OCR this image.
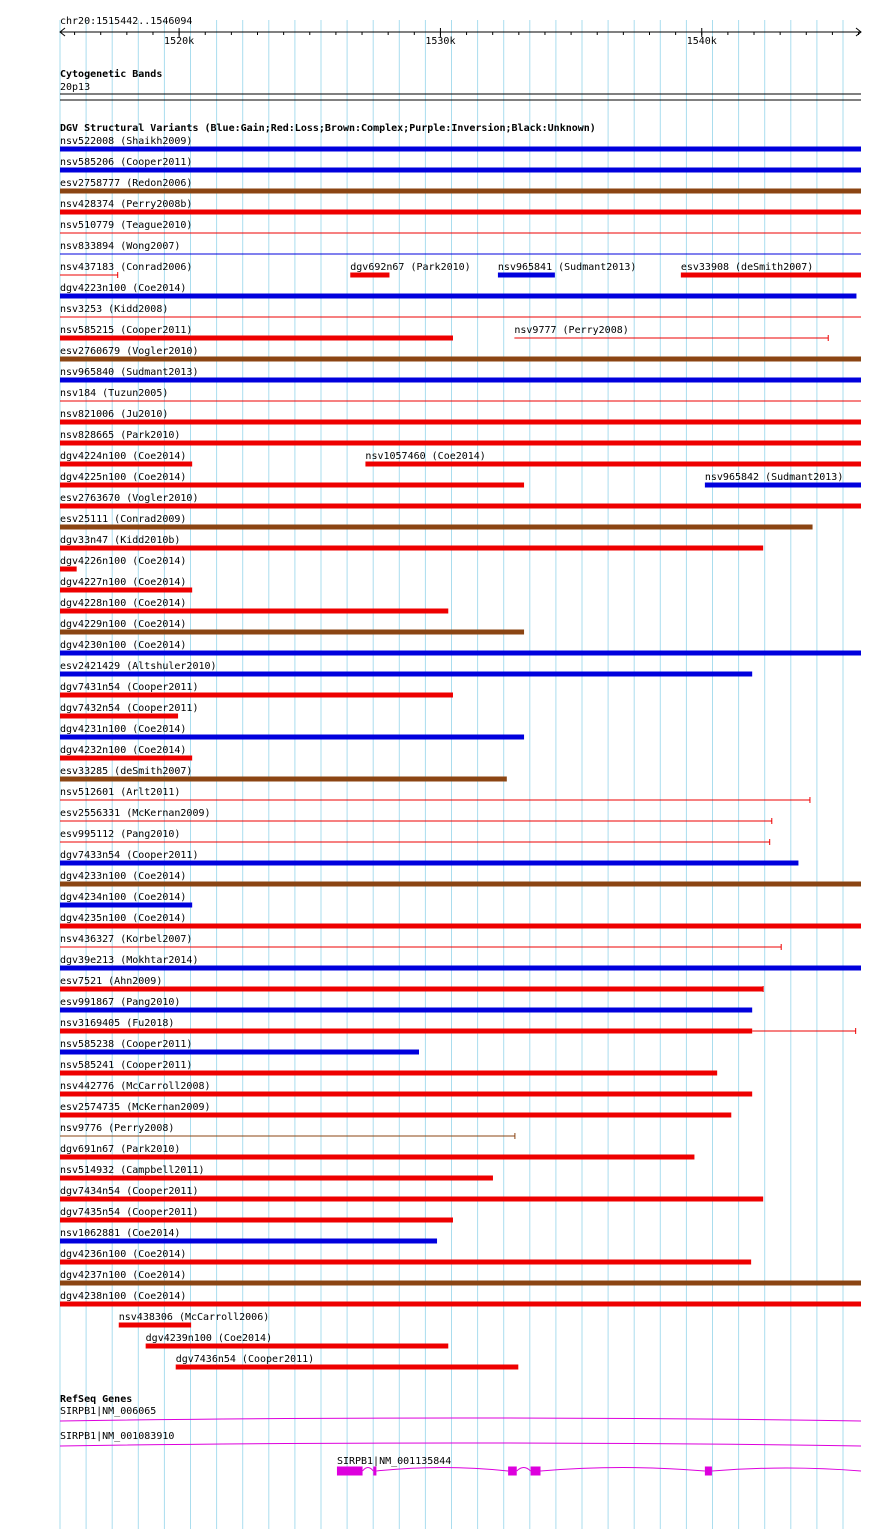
chr20:1515442..1546094
1520k	1530k	1540k
Cytogenetic Bands
20p13
DGV Structural Variants (Blue:Gain;Red:Loss;Brown:Complex;Purple:Inversion;Black:Unknown)
nsv522008 (Shaikh2009)
nsv585206 (Cooper2011)
esv2758777 (Redon2006)
nsv428374 (Perry2008b)
nsv510779 (Teague2010)
nsv833894 (Wong2007)
nsv437183 (Conrad2006)	dgv692n67 (Park2010)	nsv965841 (Sudmant2013)	esv33908 (deSmith2007)
dgv4223n100 (Coe2014)
nsv3253 (Kidd2008)
nsv585215 (Cooper2011)	nsv9777 (Perry2008)
esv2760679 (Vogler2010)
nsv965840 (Sudmant2013)
nsv184 (Tuzun2005)
nsv821006 (Ju2010)
nsv828665 (Park2010)
dgv4224n100 (Coe2014)	nsv1057460 (Coe2014)
dgv4225n100 (Coe2014)	nsv965842 (Sudmant2013)
esv2763670 (Vogler2010)
esv25111 (Conrad2009)
dgv33n47 (Kidd2010b)
dgv4226n100 (Coe2014)
dgv4227n100 (Coe2014)
dgv4228n100 (Coe2014)
dgv4229n100 (Coe2014)
dgv4230n100 (Coe2014)
esv2421429 (Altshuler2010)
dgv7431n54 (Cooper2011)
dgv7432n54 (Cooper2011)
dgv4231n100 (Coe2014)
dgv4232n100 (Coe2014)
esv33285 (deSmith2007)
nsv512601 (Arlt2011)
esv2556331 (McKernan2009)
esv995112 (Pang2010)
dgv7433n54 (Cooper2011)
dgv4233n100 (Coe2014)
dgv4234n100 (Coe2014)
dgv4235n100 (Coe2014)
nsv436327 (Korbel2007)
dgv39e213 (Mokhtar2014)
esv7521 (Ahn2009)
esv991867 (Pang2010)
nsv3169405 (Fu2018)
nsv585238 (Cooper2011)
nsv585241 (Cooper2011)
nsv442776 (McCarroll2008)
esv2574735 (McKernan2009)
nsv9776 (Perry2008)
dgv691n67 (Park2010)
nsv514932 (Campbell2011)
dgv7434n54 (Cooper2011)
dgv7435n54 (Cooper2011)
nsv1062881 (Coe2014)
dgv4236n100 (Coe2014)
dgv4237n100 (Coe2014)
dgv4238n100 (Coe2014)
nsv438306 (McCarroll2006)
dgv4239n100 (Coe2014)
dgv7436n54 (Cooper2011)
RefSeq Genes
SIRPB1|NM_006065
SIRPB1|NM_001083910
SIRPB1|NM_001135844
